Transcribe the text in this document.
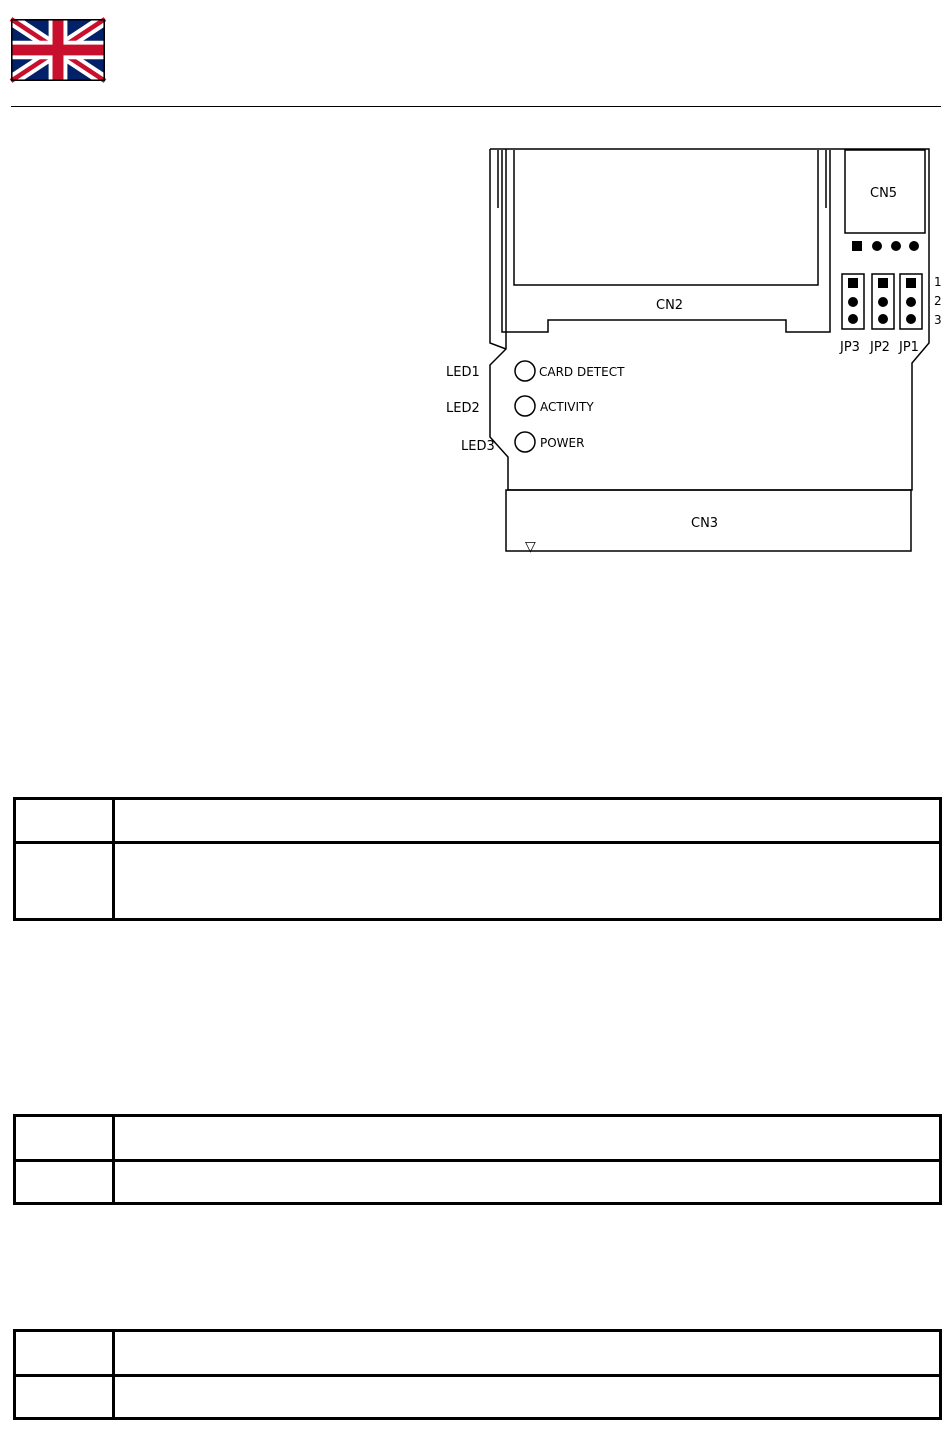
CN2
CN5
CN3
JP3 JP2 JP1
1
2
3
LED1
LED2
LED3
CARD DETECT
ACTIVITY
POWER
▽
